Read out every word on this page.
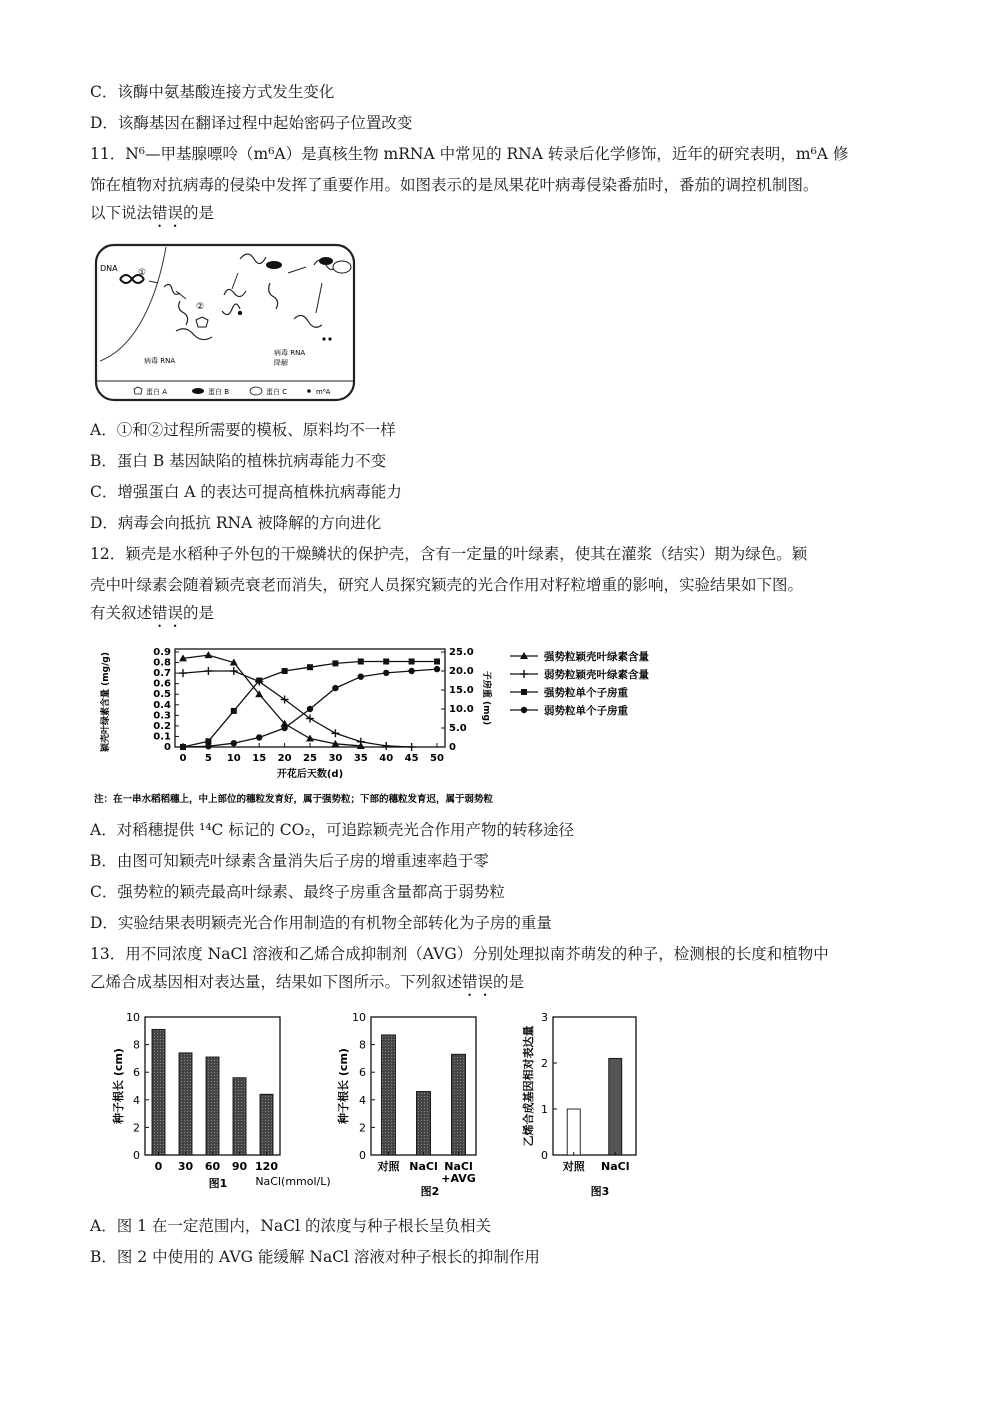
C．该酶中氨基酸连接方式发生变化
D．该酶基因在翻译过程中起始密码子位置改变
11．N⁶—甲基腺嘌呤（m⁶A）是真核生物 mRNA 中常见的 RNA 转录后化学修饰，近年的研究表明，m⁶A 修
饰在植物对抗病毒的侵染中发挥了重要作用。如图表示的是凤果花叶病毒侵染番茄时，番茄的调控机制图。
以下说法错误的是
DNA ①
②
病毒 RNA
病毒 RNA
降解
蛋白 A	蛋白 B	蛋白 C	m⁶A
A．①和②过程所需要的模板、原料均不一样
B．蛋白 B 基因缺陷的植株抗病毒能力不变
C．增强蛋白 A 的表达可提高植株抗病毒能力
D．病毒会向抵抗 RNA 被降解的方向进化
12．颖壳是水稻种子外包的干燥鳞状的保护壳，含有一定量的叶绿素，使其在灌浆（结实）期为绿色。颖
壳中叶绿素会随着颖壳衰老而消失，研究人员探究颖壳的光合作用对籽粒增重的影响，实验结果如下图。
有关叙述错误的是
颖壳叶绿素含量 (mg/g)	子房重 (mg)
开花后天数(d)
0
0.1
0.2
0.3
0.4
0.5
0.6
0.7
0.8
0.9
0
5.0
10.0
15.0
20.0
25.0
0 5 10 15 20 25 30 35 40 45 50
强势粒颖壳叶绿素含量
弱势粒颖壳叶绿素含量
强势粒单个子房重
弱势粒单个子房重
注：在一串水稻稻穗上，中上部位的穗粒发育好，属于强势粒；下部的穗粒发育迟，属于弱势粒
A．对稻穗提供 ¹⁴C 标记的 CO₂，可追踪颖壳光合作用产物的转移途径
B．由图可知颖壳叶绿素含量消失后子房的增重速率趋于零
C．强势粒的颖壳最高叶绿素、最终子房重含量都高于弱势粒
D．实验结果表明颖壳光合作用制造的有机物全部转化为子房的重量
13．用不同浓度 NaCl 溶液和乙烯合成抑制剂（AVG）分别处理拟南芥萌发的种子，检测根的长度和植物中
乙烯合成基因相对表达量，结果如下图所示。下列叙述错误的是
0
2
4
6
8
10
0 30 60 90 120
种子根长 (cm)
NaCl(mmol/L)
图1
0
2
4
6
8
10
对照 NaCl NaCl
+AVG
种子根长 (cm)
图2
0
1
2
3
对照 NaCl
乙烯合成基因相对表达量
图3
A．图 1 在一定范围内，NaCl 的浓度与种子根长呈负相关
B．图 2 中使用的 AVG 能缓解 NaCl 溶液对种子根长的抑制作用
